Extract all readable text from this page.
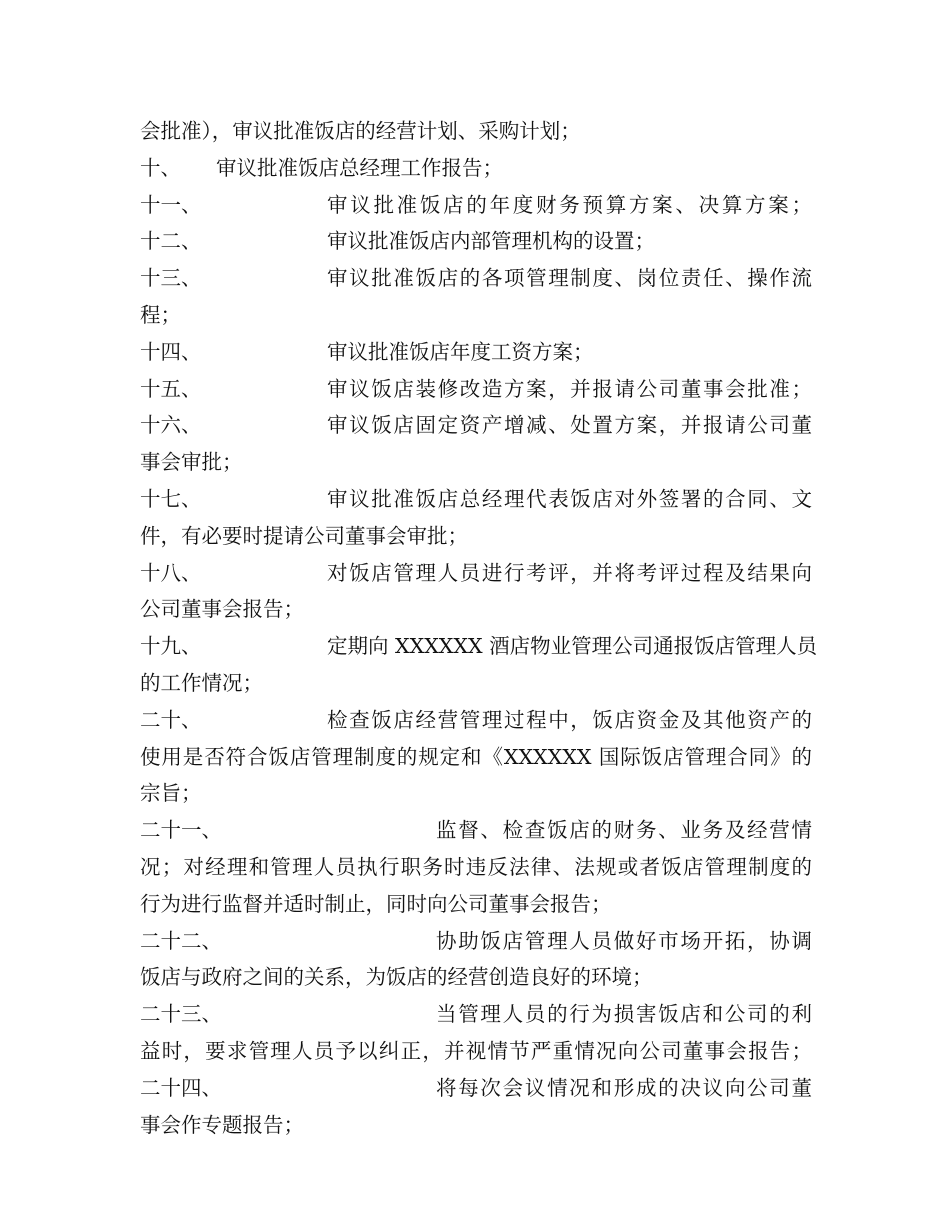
会批准），审议批准饭店的经营计划、采购计划；
十、 审议批准饭店总经理工作报告；
十一、	审议批准饭店的年度财务预算方案、决算方案；
十二、	审议批准饭店内部管理机构的设置；
十三、	审议批准饭店的各项管理制度、岗位责任、操作流
程；
十四、	审议批准饭店年度工资方案；
十五、	审议饭店装修改造方案，并报请公司董事会批准；
十六、	审议饭店固定资产增减、处置方案，并报请公司董
事会审批；
十七、	审议批准饭店总经理代表饭店对外签署的合同、文
件，有必要时提请公司董事会审批；
十八、	对饭店管理人员进行考评，并将考评过程及结果向
公司董事会报告；
十九、	定期向 XXXXXX 酒店物业管理公司通报饭店管理人员
的工作情况；
二十、	检查饭店经营管理过程中，饭店资金及其他资产的
使用是否符合饭店管理制度的规定和《XXXXXX 国际饭店管理合同》的
宗旨；
二十一、	监督、检查饭店的财务、业务及经营情
况；对经理和管理人员执行职务时违反法律、法规或者饭店管理制度的
行为进行监督并适时制止，同时向公司董事会报告；
二十二、	协助饭店管理人员做好市场开拓，协调
饭店与政府之间的关系，为饭店的经营创造良好的环境；
二十三、	当管理人员的行为损害饭店和公司的利
益时，要求管理人员予以纠正，并视情节严重情况向公司董事会报告；
二十四、	将每次会议情况和形成的决议向公司董
事会作专题报告；
